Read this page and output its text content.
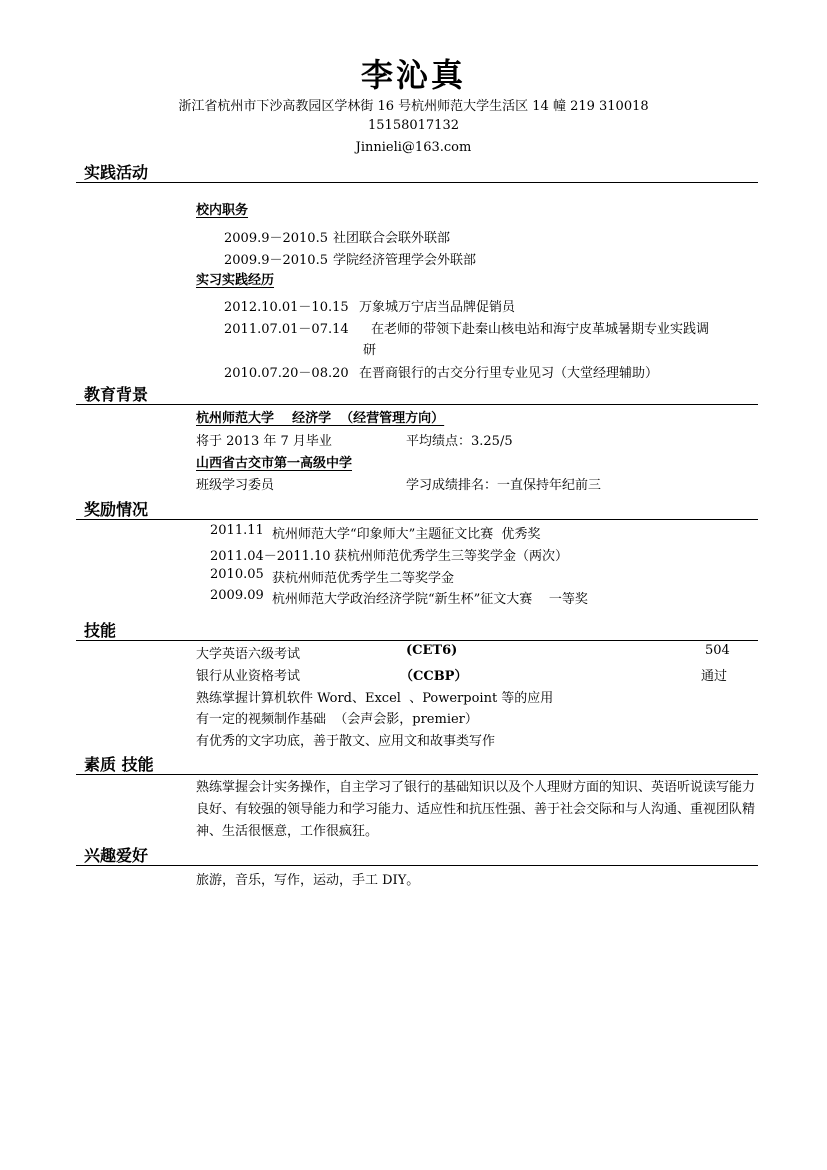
李沁真
浙江省杭州市下沙高教园区学林街 16 号杭州师范大学生活区 14 幢 219 310018
15158017132
Jinnieli@163.com
实践活动
校内职务
2009.9－2010.5 社团联合会联外联部
2009.9－2010.5 学院经济管理学会外联部
实习实践经历
2012.10.01－10.15 万象城万宁店当品牌促销员
2011.07.01－07.14 在老师的带领下赴秦山核电站和海宁皮革城暑期专业实践调
研
2010.07.20－08.20 在晋商银行的古交分行里专业见习（大堂经理辅助）
教育背景
杭州师范大学    经济学  （经营管理方向）
将于 2013 年 7 月毕业	平均绩点：3.25/5
山西省古交市第一高级中学
班级学习委员	学习成绩排名：一直保持年纪前三
奖励情况
2011.11 杭州师范大学“印象师大”主题征文比赛  优秀奖
2011.04－2011.10 获杭州师范优秀学生三等奖学金（两次）
2010.05 获杭州师范优秀学生二等奖学金
2009.09 杭州师范大学政治经济学院“新生杯”征文大赛    一等奖
技能
大学英语六级考试	(CET6)	504
银行从业资格考试	（CCBP）	通过
熟练掌握计算机软件 Word、Excel  、Powerpoint 等的应用
有一定的视频制作基础  （会声会影，premier）
有优秀的文字功底，善于散文、应用文和故事类写作
素质 技能
熟练掌握会计实务操作，自主学习了银行的基础知识以及个人理财方面的知识、英语听说读写能力良好、有较强的领导能力和学习能力、适应性和抗压性强、善于社会交际和与人沟通、重视团队精神、生活很惬意，工作很疯狂。
兴趣爱好
旅游，音乐，写作，运动，手工 DIY。
